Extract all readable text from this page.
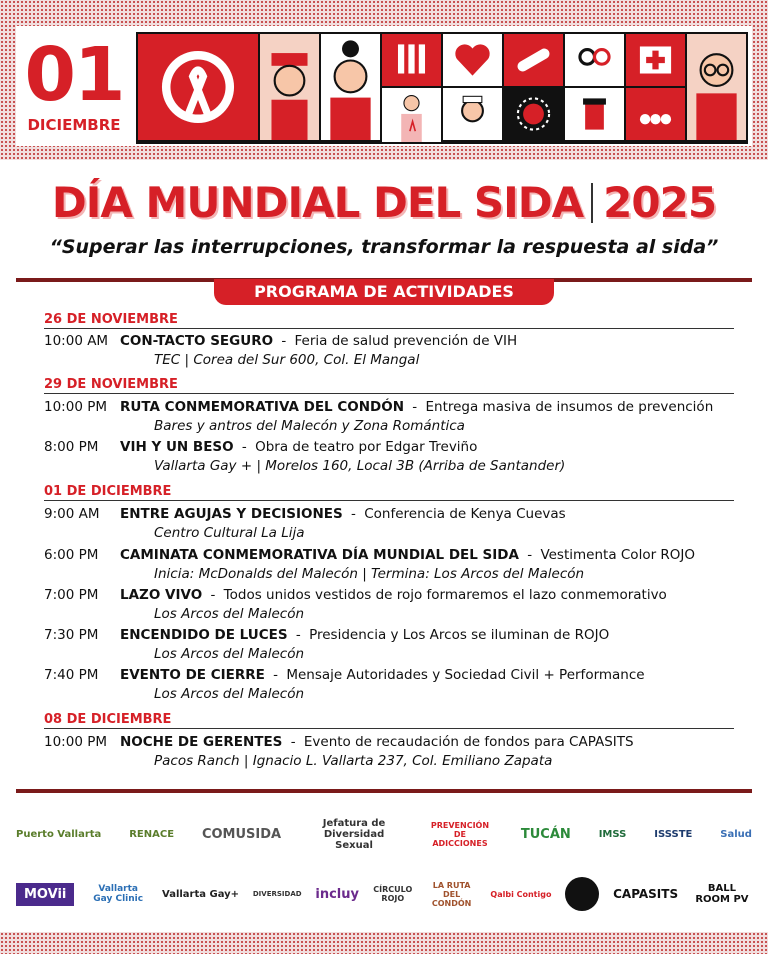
01
DICIEMBRE
DÍA MUNDIAL DEL SIDA 2025
“Superar las interrupciones, transformar la respuesta al sida”
PROGRAMA DE ACTIVIDADES
26 DE NOVIEMBRE
10:00 AM CON-TACTO SEGURO - Feria de salud prevención de VIH
TEC | Corea del Sur 600, Col. El Mangal
29 DE NOVIEMBRE
10:00 PM RUTA CONMEMORATIVA DEL CONDÓN - Entrega masiva de insumos de prevención
Bares y antros del Malecón y Zona Romántica
8:00 PM VIH Y UN BESO - Obra de teatro por Edgar Treviño
Vallarta Gay + | Morelos 160, Local 3B (Arriba de Santander)
01 DE DICIEMBRE
9:00 AM ENTRE AGUJAS Y DECISIONES - Conferencia de Kenya Cuevas
Centro Cultural La Lija
6:00 PM CAMINATA CONMEMORATIVA DÍA MUNDIAL DEL SIDA - Vestimenta Color ROJO
Inicia: McDonalds del Malecón | Termina: Los Arcos del Malecón
7:00 PM LAZO VIVO - Todos unidos vestidos de rojo formaremos el lazo conmemorativo
Los Arcos del Malecón
7:30 PM ENCENDIDO DE LUCES - Presidencia y Los Arcos se iluminan de ROJO
Los Arcos del Malecón
7:40 PM EVENTO DE CIERRE - Mensaje Autoridades y Sociedad Civil + Performance
Los Arcos del Malecón
08 DE DICIEMBRE
10:00 PM NOCHE DE GERENTES - Evento de recaudación de fondos para CAPASITS
Pacos Ranch | Ignacio L. Vallarta 237, Col. Emiliano Zapata
Puerto Vallarta	RENACE COMUSIDA
Jefatura de Diversidad Sexual
PREVENCIÓN DE ADICCIONES
TUCÁN	IMSS	ISSSTE	Salud
MOVii	Vallarta Gay Clinic	Vallarta Gay+ DIVERSIDAD incluy CÍRCULO ROJO
LA RUTA DEL CONDÓN
Qalbi Contigo	CAPASITS	BALL ROOM PV
